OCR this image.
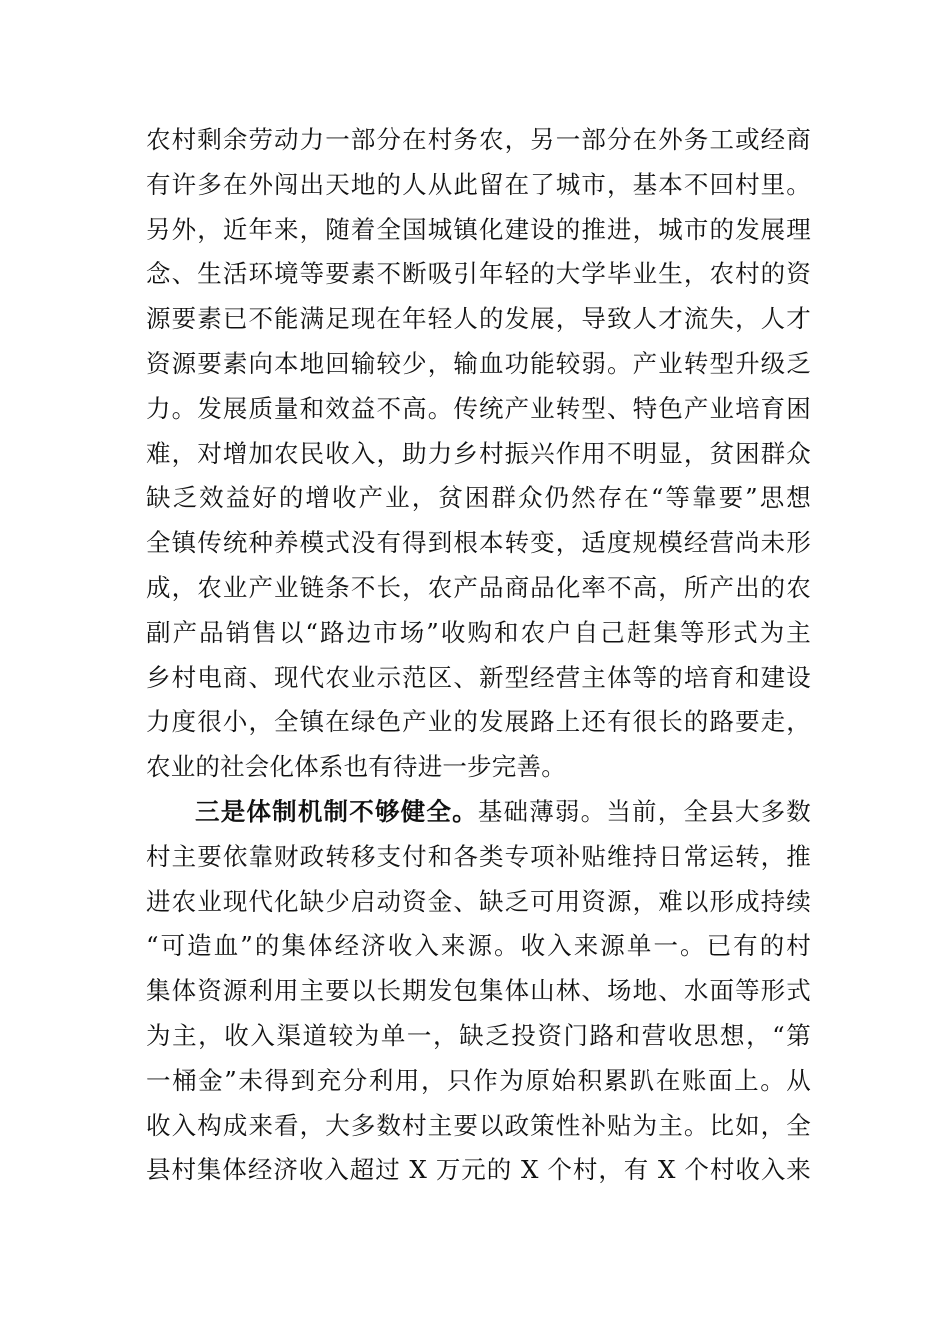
农村剩余劳动力一部分在村务农，另一部分在外务工或经商
有许多在外闯出天地的人从此留在了城市，基本不回村里。
另外，近年来，随着全国城镇化建设的推进，城市的发展理
念、生活环境等要素不断吸引年轻的大学毕业生，农村的资
源要素已不能满足现在年轻人的发展，导致人才流失，人才
资源要素向本地回输较少，输血功能较弱。产业转型升级乏
力。发展质量和效益不高。传统产业转型、特色产业培育困
难，对增加农民收入，助力乡村振兴作用不明显，贫困群众
缺乏效益好的增收产业，贫困群众仍然存在“等靠要”思想
全镇传统种养模式没有得到根本转变，适度规模经营尚未形
成，农业产业链条不长，农产品商品化率不高，所产出的农
副产品销售以“路边市场”收购和农户自己赶集等形式为主
乡村电商、现代农业示范区、新型经营主体等的培育和建设
力度很小，全镇在绿色产业的发展路上还有很长的路要走，
农业的社会化体系也有待进一步完善。
三是体制机制不够健全。基础薄弱。当前，全县大多数
村主要依靠财政转移支付和各类专项补贴维持日常运转，推
进农业现代化缺少启动资金、缺乏可用资源，难以形成持续
“可造血”的集体经济收入来源。收入来源单一。已有的村
集体资源利用主要以长期发包集体山林、场地、水面等形式
为主，收入渠道较为单一，缺乏投资门路和营收思想，“第
一桶金”未得到充分利用，只作为原始积累趴在账面上。从
收入构成来看，大多数村主要以政策性补贴为主。比如，全
县村集体经济收入超过 X 万元的 X 个村，有 X 个村收入来
